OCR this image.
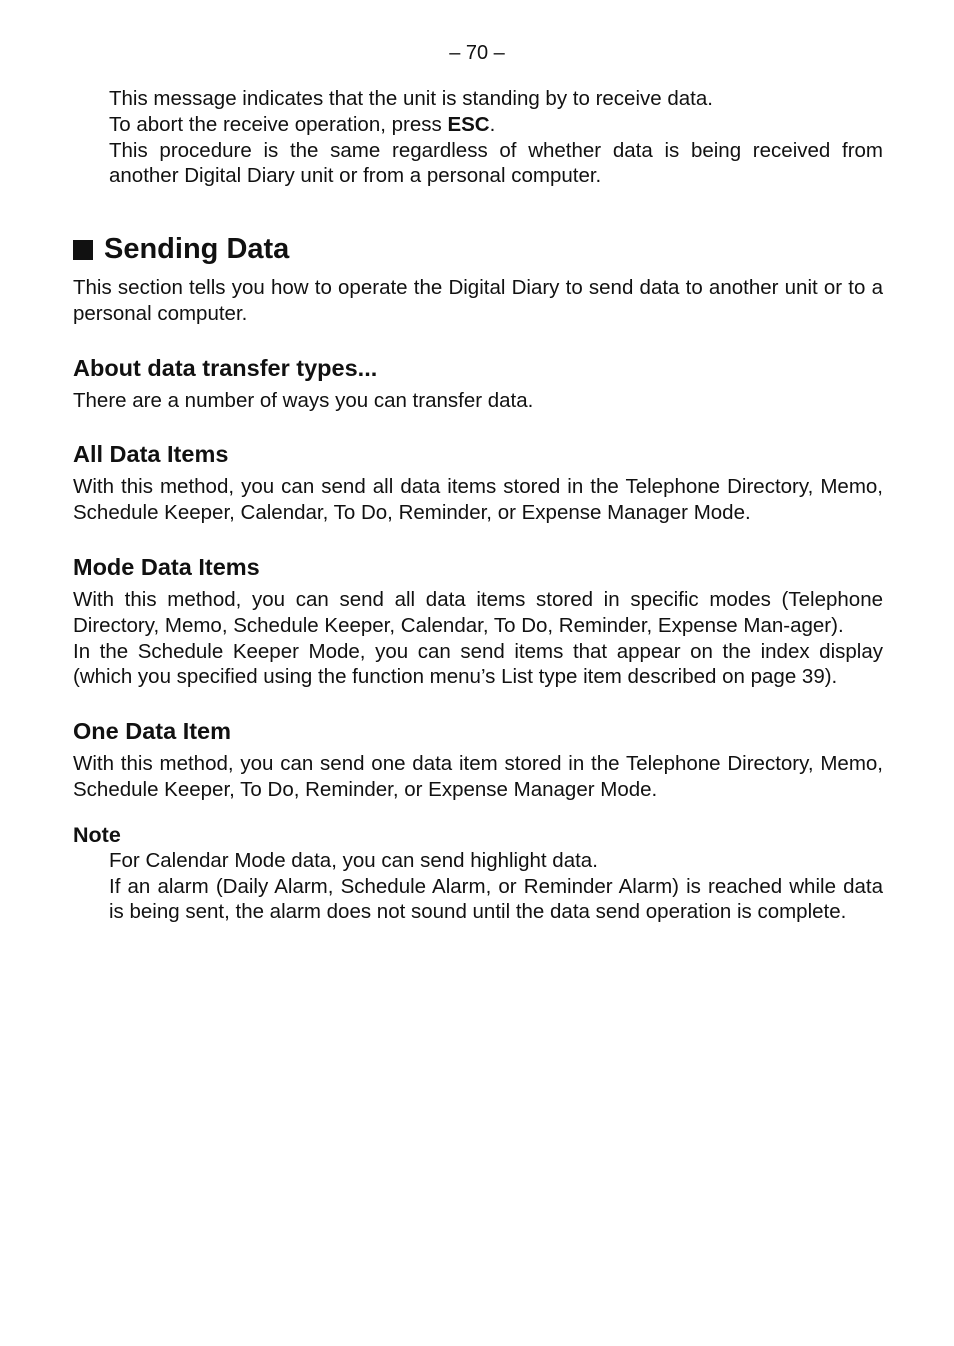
– 70 –

This message indicates that the unit is standing by to receive data.

To abort the receive operation, press ESC.

This procedure is the same regardless of whether data is being received from another Digital Diary unit or from a personal computer.

Sending Data

This section tells you how to operate the Digital Diary to send data to another unit or to a personal computer.

About data transfer types...

There are a number of ways you can transfer data.

All Data Items

With this method, you can send all data items stored in the Telephone Directory, Memo, Schedule Keeper, Calendar, To Do, Reminder, or Expense Manager Mode.

Mode Data Items

With this method, you can send all data items stored in specific modes (Telephone Directory, Memo, Schedule Keeper, Calendar, To Do, Reminder, Expense Man-ager).

In the Schedule Keeper Mode, you can send items that appear on the index display (which you specified using the function menu’s List type item described on page 39).

One Data Item

With this method, you can send one data item stored in the Telephone Directory, Memo, Schedule Keeper, To Do, Reminder, or Expense Manager Mode.

Note

For Calendar Mode data, you can send highlight data.

If an alarm (Daily Alarm, Schedule Alarm, or Reminder Alarm) is reached while data is being sent, the alarm does not sound until the data send operation is complete.
